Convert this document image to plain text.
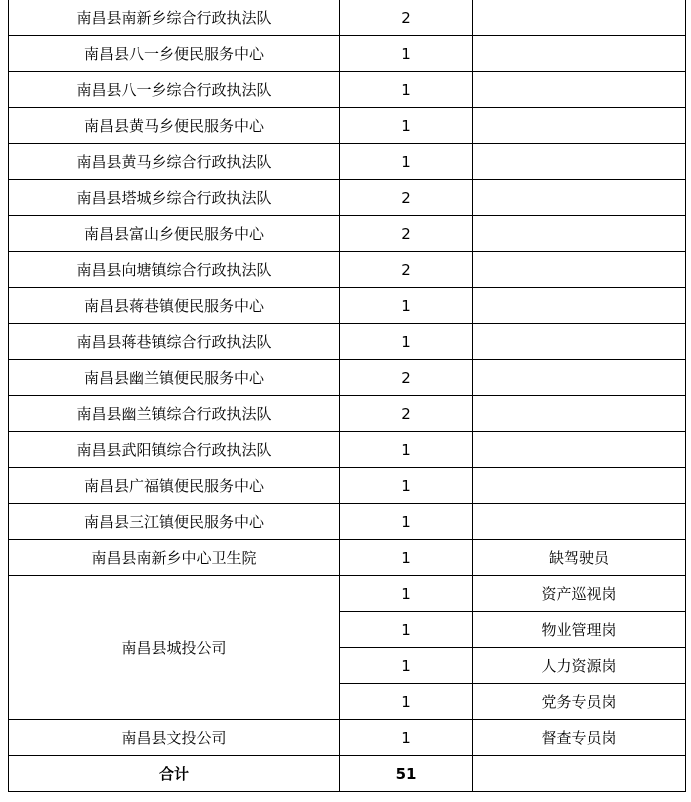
南昌县南新乡综合行政执法队	2	
南昌县八一乡便民服务中心	1	
南昌县八一乡综合行政执法队	1	
南昌县黄马乡便民服务中心	1	
南昌县黄马乡综合行政执法队	1	
南昌县塔城乡综合行政执法队	2	
南昌县富山乡便民服务中心	2	
南昌县向塘镇综合行政执法队	2	
南昌县蒋巷镇便民服务中心	1	
南昌县蒋巷镇综合行政执法队	1	
南昌县幽兰镇便民服务中心	2	
南昌县幽兰镇综合行政执法队	2	
南昌县武阳镇综合行政执法队	1	
南昌县广福镇便民服务中心	1	
南昌县三江镇便民服务中心	1	
南昌县南新乡中心卫生院	1	缺驾驶员
南昌县城投公司	1	资产巡视岗
	1	物业管理岗
	1	人力资源岗
	1	党务专员岗
南昌县文投公司	1	督查专员岗
合计	51	
